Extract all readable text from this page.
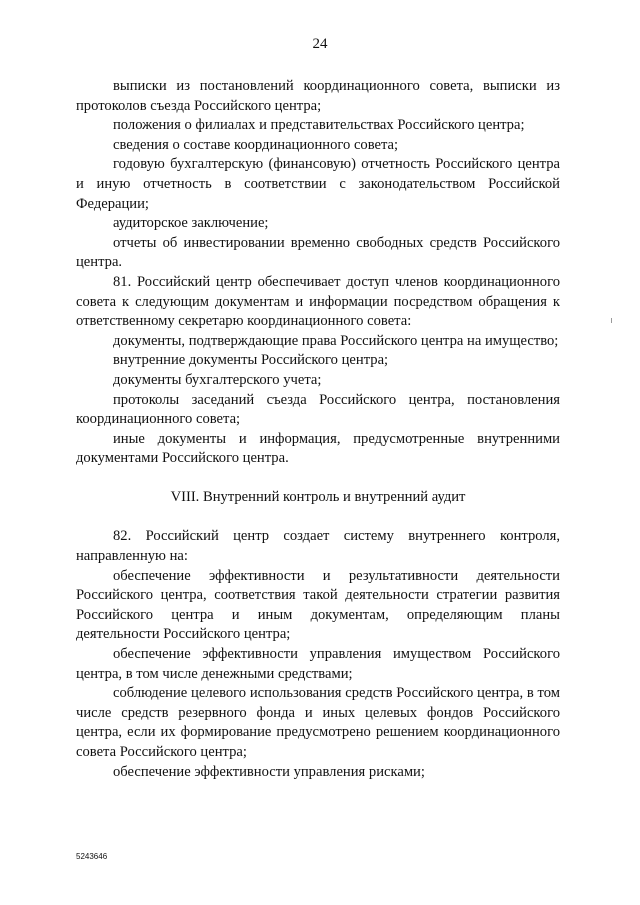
24
выписки из постановлений координационного совета, выписки из протоколов съезда Российского центра;
положения о филиалах и представительствах Российского центра;
сведения о составе координационного совета;
годовую бухгалтерскую (финансовую) отчетность Российского центра и иную отчетность в соответствии с законодательством Российской Федерации;
аудиторское заключение;
отчеты об инвестировании временно свободных средств Российского центра.
81. Российский центр обеспечивает доступ членов координационного совета к следующим документам и информации посредством обращения к ответственному секретарю координационного совета:
документы, подтверждающие права Российского центра на имущество;
внутренние документы Российского центра;
документы бухгалтерского учета;
протоколы заседаний съезда Российского центра, постановления координационного совета;
иные документы и информация, предусмотренные внутренними документами Российского центра.
VIII. Внутренний контроль и внутренний аудит
82. Российский центр создает систему внутреннего контроля, направленную на:
обеспечение эффективности и результативности деятельности Российского центра, соответствия такой деятельности стратегии развития Российского центра и иным документам, определяющим планы деятельности Российского центра;
обеспечение эффективности управления имуществом Российского центра, в том числе денежными средствами;
соблюдение целевого использования средств Российского центра, в том числе средств резервного фонда и иных целевых фондов Российского центра, если их формирование предусмотрено решением координационного совета Российского центра;
обеспечение эффективности управления рисками;
5243646
